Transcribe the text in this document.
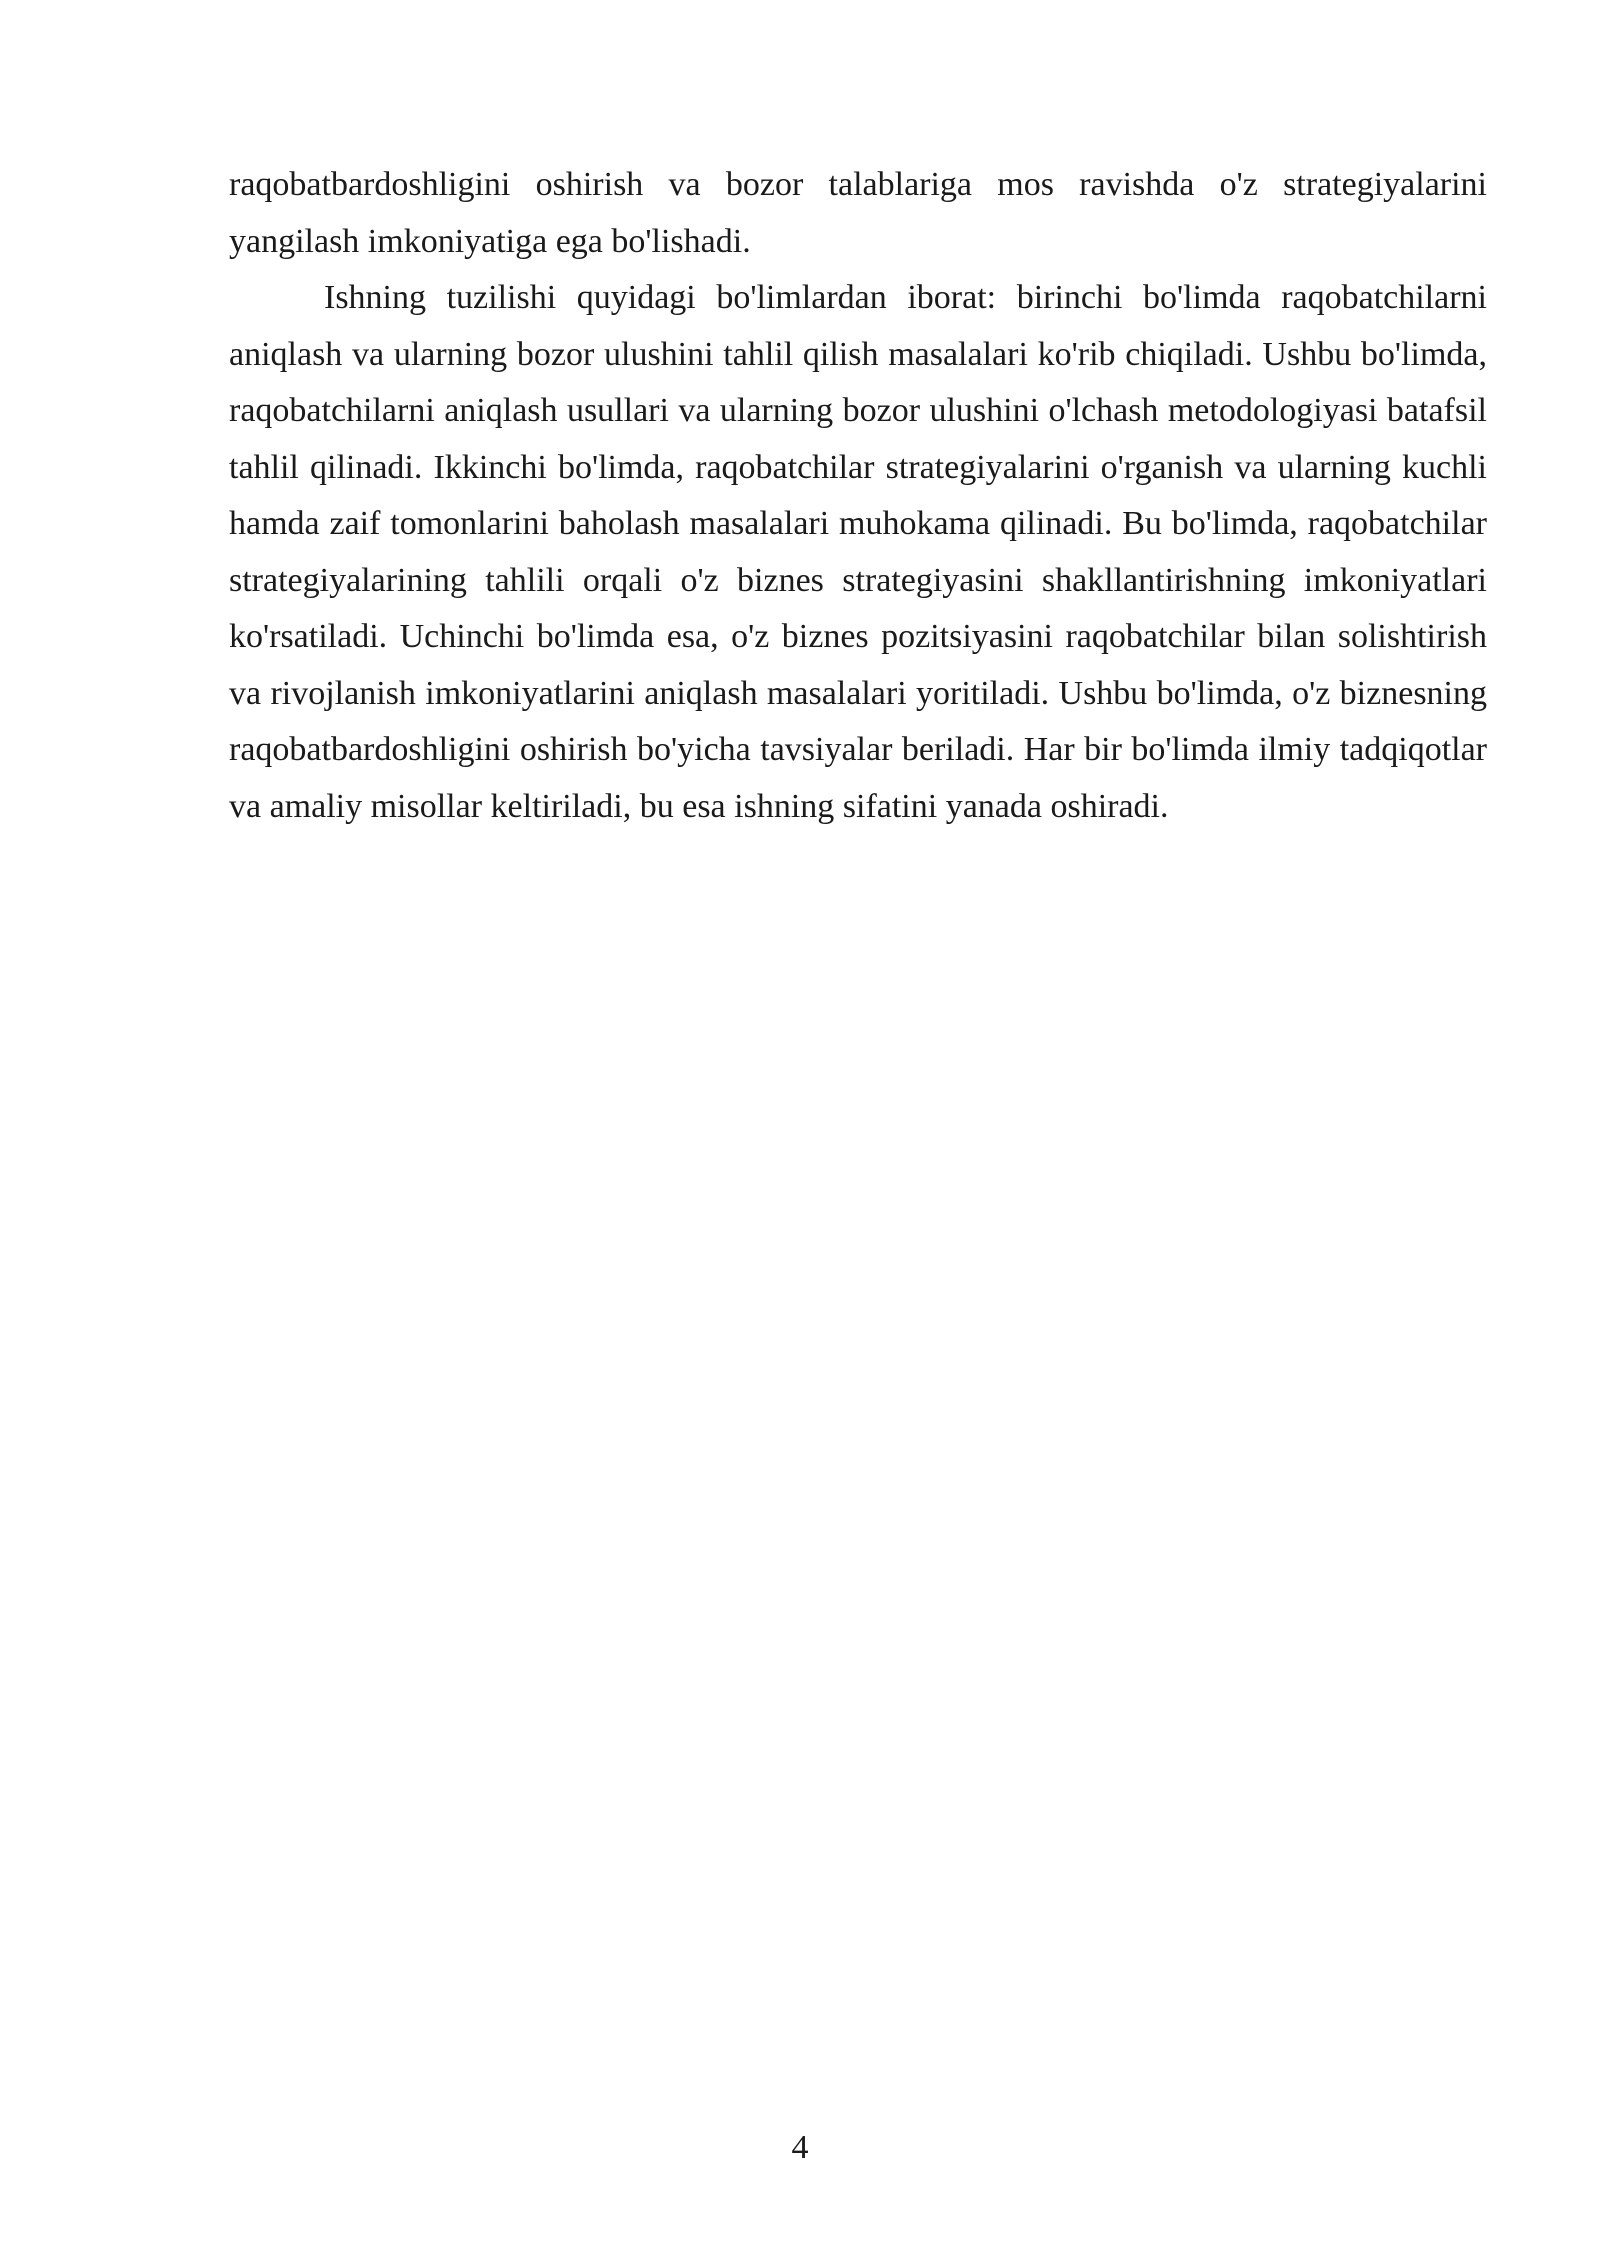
raqobatbardoshligini oshirish va bozor talablariga mos ravishda o'z strategiyalarini yangilash imkoniyatiga ega bo'lishadi.

Ishning tuzilishi quyidagi bo'limlardan iborat: birinchi bo'limda raqobatchilarni aniqlash va ularning bozor ulushini tahlil qilish masalalari ko'rib chiqiladi. Ushbu bo'limda, raqobatchilarni aniqlash usullari va ularning bozor ulushini o'lchash metodologiyasi batafsil tahlil qilinadi. Ikkinchi bo'limda, raqobatchilar strategiyalarini o'rganish va ularning kuchli hamda zaif tomonlarini baholash masalalari muhokama qilinadi. Bu bo'limda, raqobatchilar strategiyalarining tahlili orqali o'z biznes strategiyasini shakllantirishning imkoniyatlari ko'rsatiladi. Uchinchi bo'limda esa, o'z biznes pozitsiyasini raqobatchilar bilan solishtirish va rivojlanish imkoniyatlarini aniqlash masalalari yoritiladi. Ushbu bo'limda, o'z biznesning raqobatbardoshligini oshirish bo'yicha tavsiyalar beriladi. Har bir bo'limda ilmiy tadqiqotlar va amaliy misollar keltiriladi, bu esa ishning sifatini yanada oshiradi.

4
